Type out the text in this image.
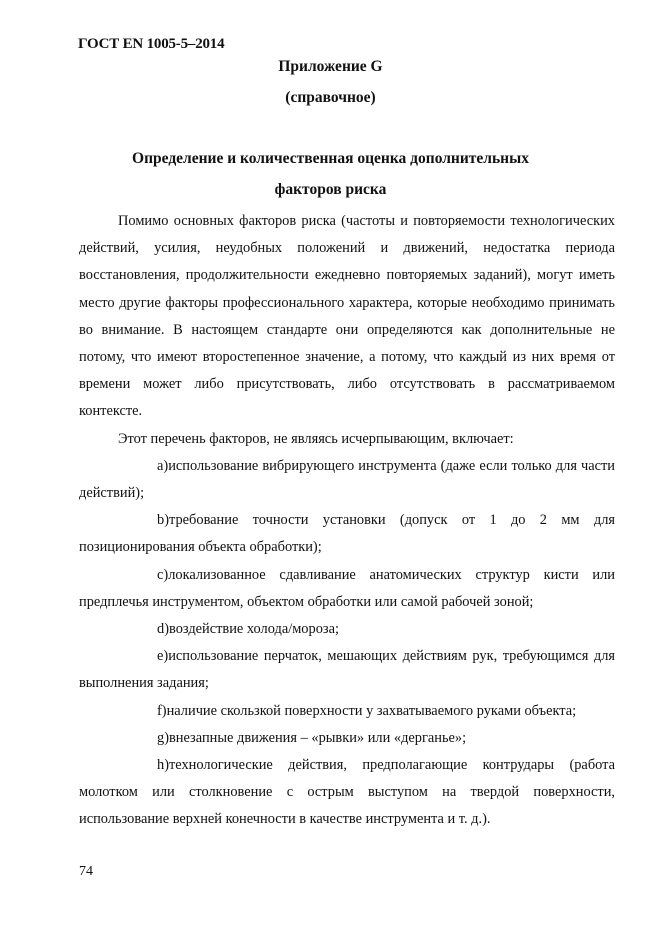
ГОСТ EN 1005-5–2014
Приложение G
(справочное)
Определение и количественная оценка дополнительных
факторов риска

Помимо основных факторов риска (частоты и повторяемости технологических действий, усилия, неудобных положений и движений, недостатка периода восстановления, продолжительности ежедневно повторяемых заданий), могут иметь место другие факторы профессионального характера, которые необходимо принимать во внимание. В настоящем стандарте они определяются как дополнительные не потому, что имеют второстепенное значение, а потому, что каждый из них время от времени может либо присутствовать, либо отсутствовать в рассматриваемом контексте.

Этот перечень факторов, не являясь исчерпывающим, включает:

a)использование вибрирующего инструмента (даже если только для части действий);

b)требование точности установки (допуск от 1 до 2 мм для позиционирования объекта обработки);

c)локализованное сдавливание анатомических структур кисти или предплечья инструментом, объектом обработки или самой рабочей зоной;

d)воздействие холода/мороза;

e)использование перчаток, мешающих действиям рук, требующимся для выполнения задания;

f)наличие скользкой поверхности у захватываемого руками объекта;

g)внезапные движения – «рывки» или «дерганье»;

h)технологические действия, предполагающие контрудары (работа молотком или столкновение с острым выступом на твердой поверхности, использование верхней конечности в качестве инструмента и т. д.).

74
